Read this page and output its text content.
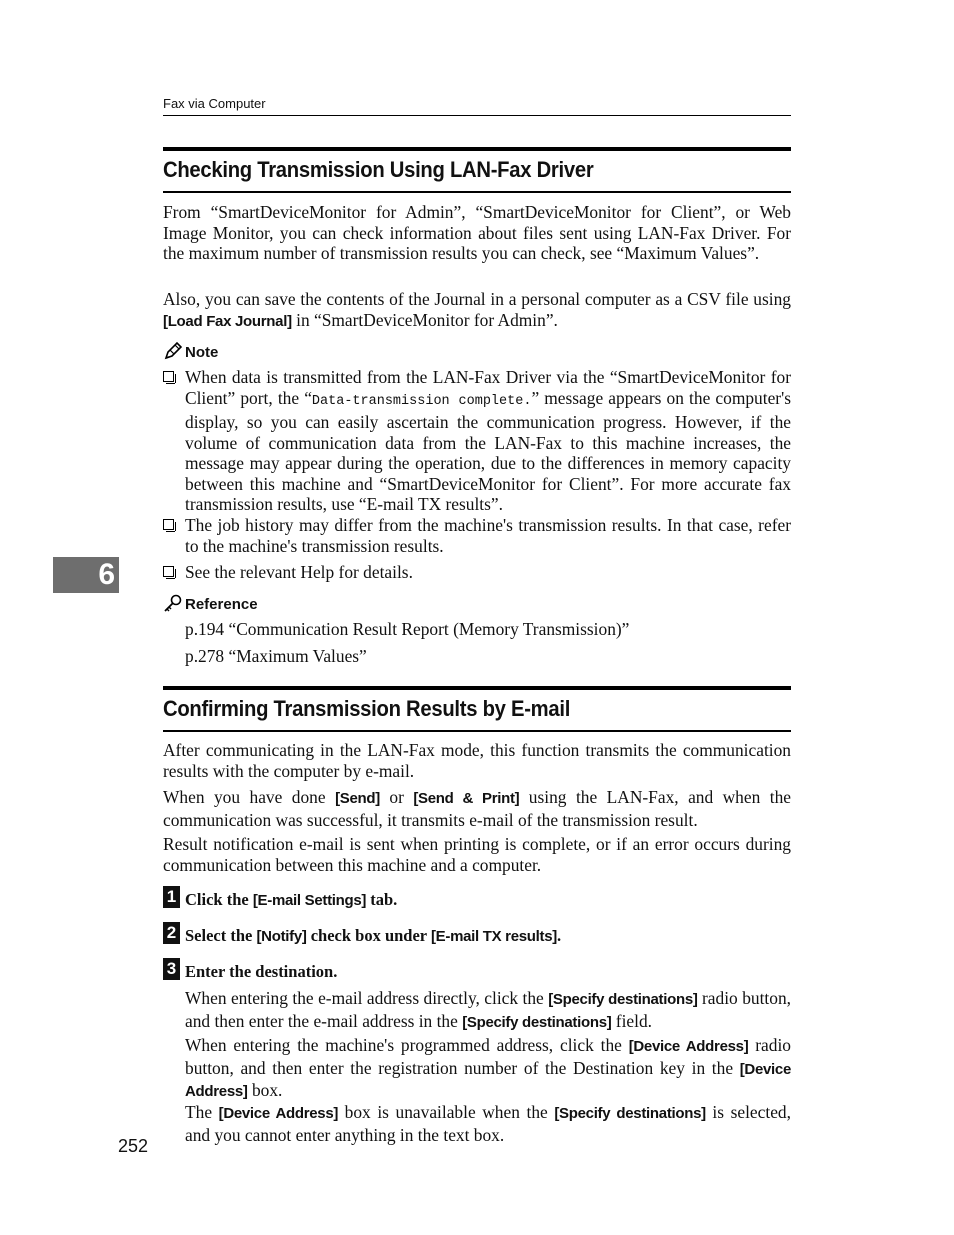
Fax via Computer
Checking Transmission Using LAN-Fax Driver
From “SmartDeviceMonitor for Admin”, “SmartDeviceMonitor for Client”, or Web Image Monitor, you can check information about files sent using LAN-Fax Driver. For the maximum number of transmission results you can check, see “Maximum Values”.
Also, you can save the contents of the Journal in a personal computer as a CSV file using [Load Fax Journal] in “SmartDeviceMonitor for Admin”.
Note
When data is transmitted from the LAN-Fax Driver via the “SmartDeviceMonitor for Client” port, the “Data-transmission complete.” message appears on the computer's display, so you can easily ascertain the communication progress. However, if the volume of communication data from the LAN-Fax to this machine increases, the message may appear during the operation, due to the differences in memory capacity between this machine and “SmartDeviceMonitor for Client”. For more accurate fax transmission results, use “E-mail TX results”.
The job history may differ from the machine's transmission results. In that case, refer to the machine's transmission results.
See the relevant Help for details.
6
Reference
p.194 “Communication Result Report (Memory Transmission)”
p.278 “Maximum Values”
Confirming Transmission Results by E-mail
After communicating in the LAN-Fax mode, this function transmits the communication results with the computer by e-mail.
When you have done [Send] or [Send & Print] using the LAN-Fax, and when the communication was successful, it transmits e-mail of the transmission result.
Result notification e-mail is sent when printing is complete, or if an error occurs during communication between this machine and a computer.
1 Click the [E-mail Settings] tab.
2 Select the [Notify] check box under [E-mail TX results].
3 Enter the destination.
When entering the e-mail address directly, click the [Specify destinations] radio button, and then enter the e-mail address in the [Specify destinations] field.
When entering the machine's programmed address, click the [Device Address] radio button, and then enter the registration number of the Destination key in the [Device Address] box.
The [Device Address] box is unavailable when the [Specify destinations] is selected, and you cannot enter anything in the text box.
252
